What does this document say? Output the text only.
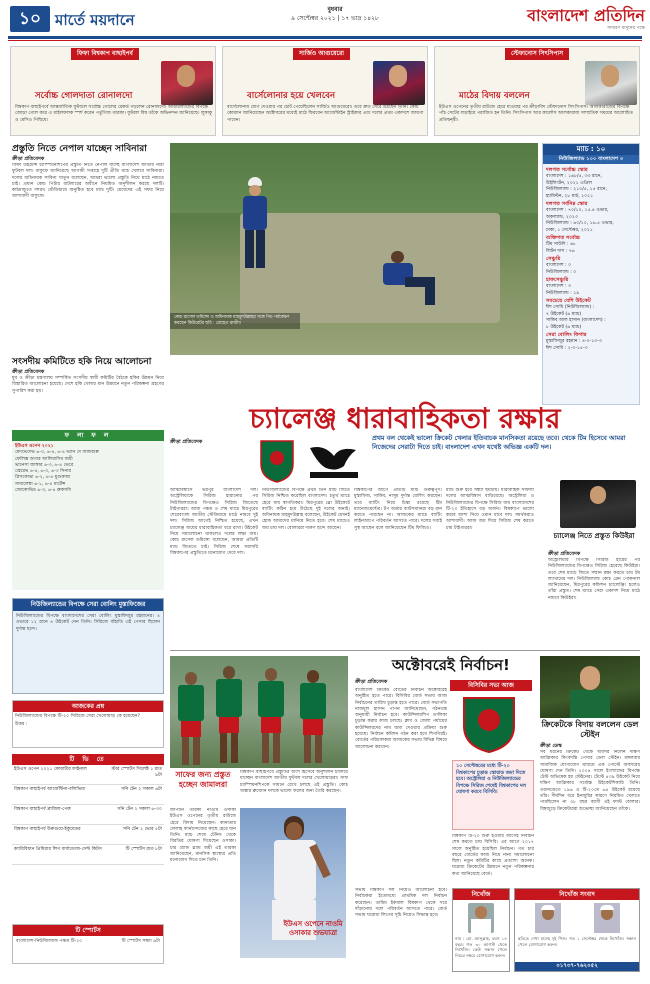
১০ মার্তে ময়দানে
বুধবার
৯ সেপ্টেম্বর ২০২১ | ১৭ ভাদ্র ১৪২৮	বাংলাদেশ প্রতিদিন
সাধারণ মানুষের পক্ষে
ফিফা বিশ্বকাপ বাছাইপর্ব
সর্বোচ্চ গোলদাতা রোনালদো
বিশ্বকাপ বাছাইপর্বে আন্তর্জাতিক ফুটবলে সর্বোচ্চ গোলের রেকর্ড গড়লেন রোনালদো। আয়ারল্যান্ডের বিপক্ষে জোড়া গোল করে এ মাইলফলক স্পর্শ করেন পর্তুগিজ তারকা। ফুটবল বিশ্ব তাঁকে অভিনন্দন জানিয়েছে। লুকাকু ও মেসিও পিছিয়ে।
সার্জিও আগুয়েরো
বার্সেলোনার হয়ে খেলবেন
বার্সেলোনায় যোগ দেওয়ার পর চোট পেয়েছিলেন সার্জিও আগুয়েরো। তবে দ্রুত সেরে উঠছেন তিনি। কোচ কোম্যান জানিয়েছেন অক্টোবরের মধ্যেই মাঠে ফিরবেন আর্জেন্টাইন স্ট্রাইকার এবং দলের প্রথম একাদশে জায়গা পাবেন।
স্টেফানোস সিৎসিপাস
মাঠের বিদায় বললেন
ইউএস ওপেনের তৃতীয় রাউন্ডে হেরে যাওয়ার পর ক্রীড়াবিদ স্টেফানোস সিৎসিপাস। আলকারাজের বিপক্ষে পাঁচ সেটের লড়াইয়ে পরাজিত হন তিনি। সিৎসিপাস আর কার্লোস আলকারাজ সাম্প্রতিক সময়ের আলোচিত প্রতিদ্বন্দ্বী।
প্রস্তুতি নিতে নেপাল যাচ্ছেন সাবিনারা
ক্রীড়া প্রতিবেদক
ফিফা উইমেন্স চ্যাম্পিয়নশিপের প্রস্তুতি নিতে নেপাল যাচ্ছে বাংলাদেশ জাতীয় নারী ফুটবল দল। বাফুফে জানিয়েছে আগামী সপ্তাহে দুটি প্রীতি ম্যাচ খেলবে সাবিনারা। দলের অধিনায়ক সাবিনা খাতুন বলেছেন, আমরা ভালো প্রস্তুতি নিয়ে মাঠে নামতে চাই। প্রধান কোচ পিটার বাটলারের অধীনে নিয়মিত অনুশীলন করছে দলটি। কাঠমান্ডুতে দশরথ স্টেডিয়ামে অনুষ্ঠিত হবে ম্যাচ দুটি। মেয়েদের এই সফর নিয়ে আশাবাদী বাফুফে।
সংসদীয় কমিটিতে হকি নিয়ে আলোচনা
ক্রীড়া প্রতিবেদক
যুব ও ক্রীড়া মন্ত্রণালয় সম্পর্কিত সংসদীয় স্থায়ী কমিটির বৈঠকে হকির উন্নয়ন নিয়ে বিস্তারিত আলোচনা হয়েছে। দেশে হকি খেলার মান উন্নয়নে নতুন পরিকল্পনা গ্রহণের সুপারিশ করা হয়।
ফ লা ফ ল
ইউএস ওপেন ২০২১
মেদভেদেভ ৬-৩, ৬-৪, ৬-৪ ভ্যান দে জান্ডশুল্প
ফেলিক্স অগার আলিয়াসিম জয়ী
ভানেসা জাঙ্গার ৬-৩, ৬-৪ ভেরে
জ্বেরেভ ৬-৪, ৬-৩, ৬-৩ সিনার
প্লিসকোভা ৬-২, ৬-৪ মুগুরুজা
সাবালেঙ্কা ৬-১, ৬-৪ মার্টেন্স
জোকোভিচ ৬-৩, ৬-৪ ব্রুকসবি
নিউজিল্যান্ডের বিপক্ষে সেরা বোলিং মুস্তাফিজের
নিউজিল্যান্ডের বিপক্ষে বাংলাদেশের সেরা বোলিং মুস্তাফিজুর রহমানের। ৪ ওভারে ১২ রানে ৪ উইকেট নেন তিনি। সিরিজে বাঁহাতি এই পেসার ছিলেন দুর্দান্ত ছন্দে।
আজকের প্রশ্ন
নিউজিল্যান্ডের বিপক্ষে টি-২০ সিরিজে সেরা খেলোয়াড় কে হয়েছেন?
উত্তর :
টি ভি তে
ইউএস ওপেন ২০২১ কোয়ার্টার ফাইনাল	স্টার স্পোর্টস সিলেক্ট ১ রাত ৯টা
বিশ্বকাপ বাছাইপর্ব আর্জেন্টিনা-বলিভিয়া	সনি টেন ২ সকাল ৬টা
বিশ্বকাপ বাছাইপর্ব ব্রাজিল-পেরু	সনি টেন ২ সকাল ৬-৩০
বিশ্বকাপ বাছাইপর্ব উরুগুয়ে-ইকুয়েডর	সনি টেন ২ ভোর ৫টা
ক্যারিবিয়ান প্রিমিয়ার লিগ বার্বাডোজ-সেন্ট কিটস	টি স্পোর্টস রাত ৮টা
টি স্পোর্টস
বাংলাদেশ-নিউজিল্যান্ড পঞ্চম টি-২০	টি স্পোর্টস সন্ধ্যা ৬টা
কোচ রাসেল ডমিঙ্গো ও অধিনায়ক মাহমুদউল্লাহর সঙ্গে পিচ পর্যবেক্ষণ করছেন কিউরেটর ছবি : রোহেত রাজীব
ম্যাচ : ১০
নিউজিল্যান্ড ১০০ বাংলাদেশ ৩
দলগত সর্বোচ্চ স্কোর
বাংলাদেশ : ১৬৮/৫, ৩৩ রানে,
উইলিংটন, ২০২১ এপ্রিল
নিউজিল্যান্ড : ২১০/৫, ১৫ রানে,
হ্যামিল্টন, ২৮ মার্চ, ২০২১
দলগত সর্বনিম্ন স্কোর
বাংলাদেশ : ৭০/১০, ১৫.৪ ওভার,
অকল্যান্ড, ২০২৩
নিউজিল্যান্ড : ৬০/১০, ১৬.৫ ওভার,
ঢাকা, ১ সেপ্টেম্বর, ২০২১
ব্যক্তিগত সর্বোচ্চ
টিম সাউদি : ৬৮
লিটন দাস : ৭৬
সেঞ্চুরি
বাংলাদেশ : ০
নিউজিল্যান্ড : ০
হাফসেঞ্চুরি
বাংলাদেশ : ৩
নিউজিল্যান্ড : ১৯
সবচেয়ে বেশি উইকেট
ঈশ সোধি (নিউজিল্যান্ড) :
৭ উইকেট (৬ ম্যাচ)
সাকিব আল হাসান (বাংলাদেশ) :
৮ উইকেট (৬ ম্যাচ)
সেরা বোলিং ফিগার
মুস্তাফিজুর রহমান : ৪-০-১০-৩
ঈশ সোধি : ২-০-১৫-৩
চ্যালেঞ্জ ধারাবাহিকতা রক্ষার
ক্রীড়া প্রতিবেদক	প্রথম বল থেকেই ভালো ক্রিকেট খেলার ইতিবাচক মানসিকতা রয়েছে তবে। থেকে টিম হিসেবে আমরা নিজেদের সেরাটা দিতে চাই। বাংলাদেশ এখন যথেষ্ট অভিজ্ঞ একটি দল।
আত্মবিশ্বাসে ভরপুর বাংলাদেশ দল। অস্ট্রেলিয়াকে সিরিজ হারানোর পর নিউজিল্যান্ডের বিপক্ষেও সিরিজ জিতেছে টাইগাররা। আজ পঞ্চম ও শেষ ম্যাচে মিরপুরের শেরেবাংলা জাতীয় স্টেডিয়ামে মাঠে নামবে দুই দল। সিরিজ আগেই নিশ্চিত হয়েছে, এখন চ্যালেঞ্জ জয়ের ধারাবাহিকতা ধরে রাখা। উইকেট নিয়ে সমালোচনা থাকলেও দলের লক্ষ্য জয়। কোচ রাসেল ডমিঙ্গো বলেছেন, আমরা প্রতিটি ম্যাচ জিততে চাই। সিরিজ শেষে সরাসরি বিশ্বকাপের প্রস্তুতিতে মনোযোগ দেবে দল।
নিউজিল্যান্ডের বিপক্ষে প্রথম তিন ম্যাচ জিতে সিরিজ নিশ্চিত করেছিল বাংলাদেশ। চতুর্থ ম্যাচে হেরে যায় স্বাগতিকরা। মিরপুরের স্লো উইকেটে ব্যাটিং কঠিন হয়ে উঠেছে দুই দলের জন্যই। অধিনায়ক মাহমুদউল্লাহ বলেছেন, উইকেট যেমনই হোক আমাদের মানিয়ে নিতে হবে। শেষ ম্যাচেও জয় চায় দল। বোলাররা দারুণ ছন্দে আছেন।
বিশ্বকাপের আগে প্রতিটি ম্যাচ গুরুত্বপূর্ণ। মুস্তাফিজ, সাকিব, নাসুম দুর্দান্ত বোলিং করছেন। তবে ব্যাটিং নিয়ে চিন্তা রয়েছে টিম ম্যানেজমেন্টের। টপ অর্ডার ব্যাটসম্যানরা বড় রান করতে পারছেন না। আজকের ম্যাচে ব্যাটিং লাইনআপে পরিবর্তন আসতে পারে। দলের সবাই সুস্থ আছেন বলে জানিয়েছেন টিম ফিজিও।
ম্যাচ শুরু হবে সন্ধ্যা ছয়টায়। ধারাবাহিক সাফল্য দলের আত্মবিশ্বাস বাড়িয়েছে। অস্ট্রেলিয়া ও নিউজিল্যান্ডের বিপক্ষে সিরিজ জয় বাংলাদেশের টি-২০ ইতিহাসে বড় অর্জন। বিশ্বকাপে ভালো করার আশা নিয়ে ওমান যাবে দল। সমর্থকরাও আশাবাদী। আজ জয় দিয়ে সিরিজ শেষ করতে চায় টাইগাররা।
চ্যালেঞ্জ নিতে প্রস্তুত কিউইরা
ক্রীড়া প্রতিবেদক
অস্ট্রেলিয়ার বিপক্ষে সিরিজ হারের পর নিউজিল্যান্ডের বিপক্ষেও সিরিজ হেরেছে কিউইরা। তবে শেষ ম্যাচে জিতে সম্মান রক্ষা করতে চায় টম ল্যাথামের দল। নিউজিল্যান্ড কোচ গ্লেন পোকনাল জানিয়েছেন, মিরপুরের কন্ডিশন চ্যালেঞ্জিং হলেও তাঁরা প্রস্তুত। শেষ ম্যাচে সেরা একাদশ নিয়ে মাঠে নামবে কিউইরা।
অক্টোবরেই নির্বাচন!
ক্রীড়া প্রতিবেদক	বিসিবির সভা আজ
বাংলাদেশ ক্রিকেট বোর্ডের নির্বাচন অক্টোবরেই অনুষ্ঠিত হতে পারে। বিসিবির বোর্ড সভায় আজ নির্বাচনের তারিখ চূড়ান্ত হতে পারে। বোর্ড সভাপতি নাজমুল হাসান পাপন জানিয়েছেন, গঠনতন্ত্র অনুযায়ী নির্বাচন হবে। কাউন্সিলরশিপ তালিকা চূড়ান্ত করার কাজ চলছে। ক্লাব ও জেলা পর্যায়ের কাউন্সিলরদের নাম জমা দেওয়ার প্রক্রিয়া শুরু হয়েছে। নির্বাচন কমিশন গঠন করা হবে শিগগিরই। বোর্ডের পরিচালকরা আজকের সভায় বিভিন্ন বিষয়ে আলোচনা করবেন।
১০ সেপ্টেম্বরের মধ্যে টি-২০ বিশ্বকাপের চূড়ান্ত স্কোয়াড জমা দিতে হবে। অস্ট্রেলিয়া ও নিউজিল্যান্ডের বিপক্ষে সিরিজ শেষেই বিশ্বকাপের দল ঘোষণা করবে বিসিবি।
বিশ্বকাপ টি-২০ শুরু হওয়ার আগেই নির্বাচন শেষ করতে চায় বিসিবি। এর আগে ২০১৭ সালে অনুষ্ঠিত হয়েছিল নির্বাচন। গত চার বছরে বোর্ডের কাজ নিয়ে নানা সমালোচনা ছিল। নতুন কমিটির কাছে প্রত্যাশা অনেক। ঘরোয়া ক্রিকেটের উন্নয়নে নতুন পরিকল্পনার কথা জানিয়েছে বোর্ড।
সভায় বিশ্বকাপ দল নিয়েও আলোচনা হবে। নির্বাচকরা ইতোমধ্যে প্রাথমিক দল নির্বাচন করেছেন। তামিম ইকবাল বিশ্বকাপ থেকে সরে দাঁড়ানোয় দলে পরিবর্তন আসতে পারে। বোর্ড সভায় ঘরোয়া লিগের সূচি নিয়েও সিদ্ধান্ত হবে।
সাফের জন্য প্রস্তুত হচ্ছেন জামালরা
বিশ্বকাপ বাছাইপর্বে প্রস্তুতির অংশ হিসেবে অনুশীলন চালিয়ে যাচ্ছেন বাংলাদেশ জাতীয় ফুটবল দলের খেলোয়াড়রা। সাফ চ্যাম্পিয়নশিপকে সামনে রেখে চলছে এই প্রস্তুতি। কোচ অস্কার ব্রুজোন দলকে ভালো ফলের জন্য তৈরি করছেন।
ইউএস ওপেনে নাওমি ওসাকার শুভযাত্রা
জাপানি তারকা নাওমি ওসাকা ইউএস ওপেনের তৃতীয় রাউন্ডে হেরে বিদায় নিয়েছেন। কানাডার লেলাহ ফার্নান্দেজের কাছে হেরে যান তিনি। ম্যাচ শেষে টেনিস থেকে বিরতির ঘোষণা দিয়েছেন ওসাকা। চার গ্র্যান্ড স্ল্যাম জয়ী এই তারকা জানিয়েছেন, মানসিক স্বাস্থ্যের প্রতি মনোযোগ দিতে চান তিনি।
ক্রিকেটকে বিদায় বললেন ডেল স্টেইন
ক্রীড়া ডেস্ক
সব ধরনের ক্রিকেট থেকে অবসর নিলেন দক্ষিণ আফ্রিকার কিংবদন্তি পেসার ডেল স্টেইন। মঙ্গলবার সামাজিক যোগাযোগ মাধ্যমে এক পোস্টে অবসরের ঘোষণা দেন তিনি। ২০০৪ সালে ইংল্যান্ডের বিপক্ষে টেস্ট অভিষেক হয় স্টেইনের। টেস্টে ৪৩৯ উইকেট নিয়ে দক্ষিণ আফ্রিকার সর্বোচ্চ উইকেটশিকারি তিনি। ওয়ানডেতে ১৯৬ ও টি-২০তে ৬৪ উইকেট রয়েছে তাঁর। দীর্ঘদিন ধরে ইনজুরির কারণে নিয়মিত খেলতে পারছিলেন না ৩৮ বছর বয়সী এই ফাস্ট বোলার। বিশ্বজুড়ে ক্রিকেটাররা শুভেচ্ছা জানিয়েছেন তাঁকে।
নিখোঁজ
নাম : মো. আব্দুল্লাহ, বয়স ১৪ বছর। গত ৩০ আগস্ট থেকে নিখোঁজ। কেউ সন্ধান পেলে নিচের নম্বরে যোগাযোগ করুন।
নিখোঁজ সংবাদ
ছবিতে দেখা যাচ্ছে দুই শিশু। গত ১ সেপ্টেম্বর থেকে নিখোঁজ। সন্ধান পেলে যোগাযোগ করুন।
০১৭৩৭-৭৬২০৫২
